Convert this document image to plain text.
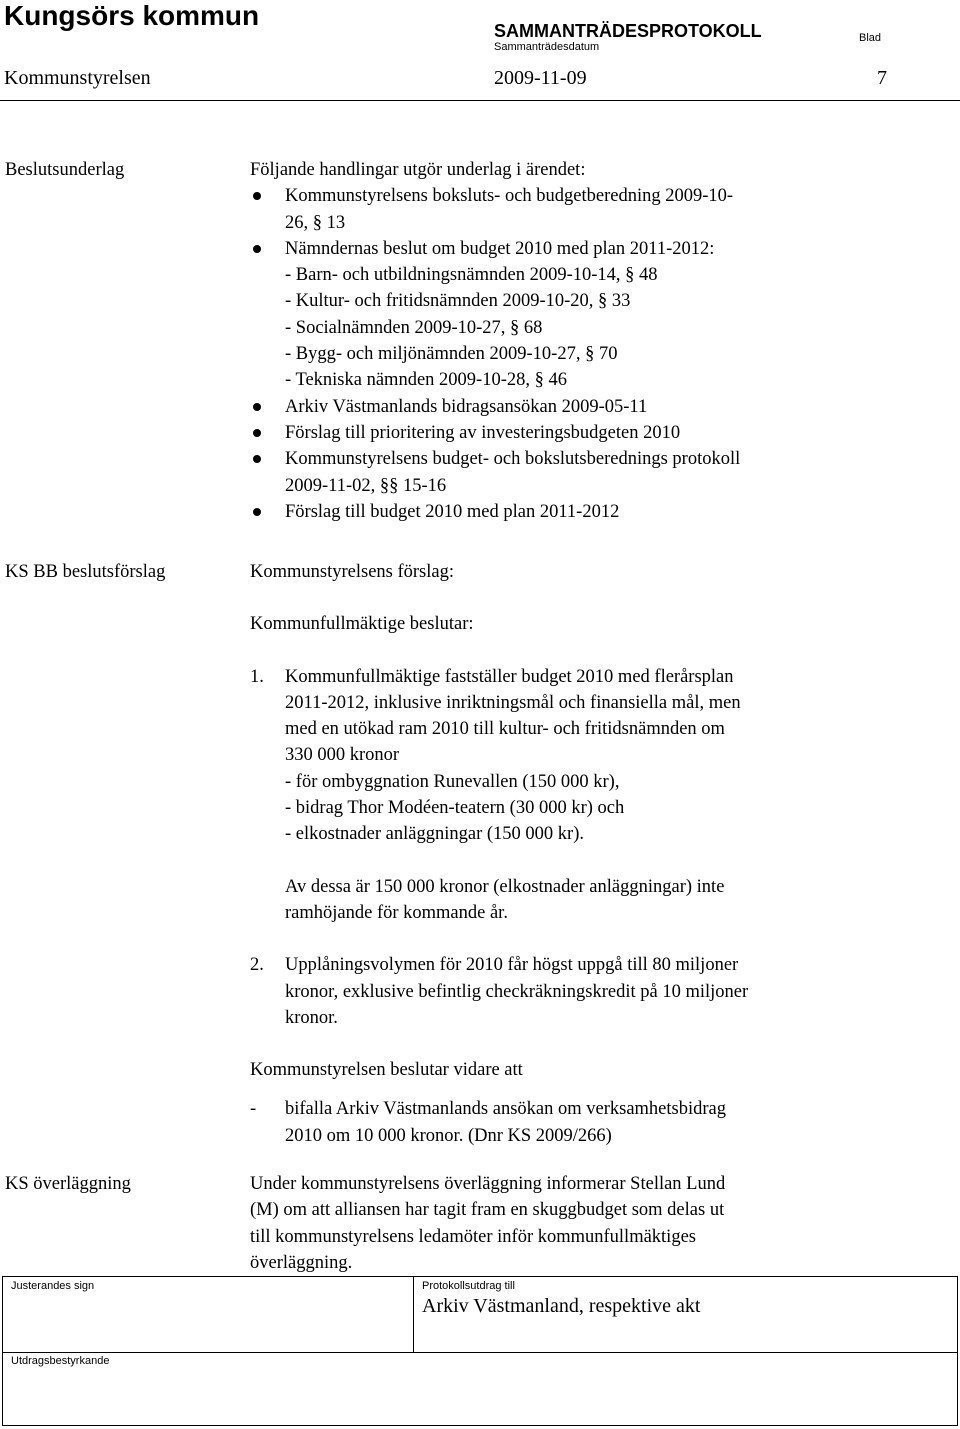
Kungsörs kommun	SAMMANTRÄDESPROTOKOLL
Sammanträdesdatum
Blad
Kommunstyrelsen	2009-11-09	7
Beslutsunderlag	Följande handlingar utgör underlag i ärendet:
Kommunstyrelsens boksluts- och budgetberedning 2009-10-
26, § 13
Nämndernas beslut om budget 2010 med plan 2011-2012:
- Barn- och utbildningsnämnden 2009-10-14, § 48
- Kultur- och fritidsnämnden 2009-10-20, § 33
- Socialnämnden 2009-10-27, § 68
- Bygg- och miljönämnden 2009-10-27, § 70
- Tekniska nämnden 2009-10-28, § 46
Arkiv Västmanlands bidragsansökan 2009-05-11
Förslag till prioritering av investeringsbudgeten 2010
Kommunstyrelsens budget- och bokslutsberednings protokoll
2009-11-02, §§ 15-16
Förslag till budget 2010 med plan 2011-2012
KS BB beslutsförslag	Kommunstyrelsens förslag:
Kommunfullmäktige beslutar:
1.	Kommunfullmäktige fastställer budget 2010 med flerårsplan
2011-2012, inklusive inriktningsmål och finansiella mål, men
med en utökad ram 2010 till kultur- och fritidsnämnden om
330 000 kronor
- för ombyggnation Runevallen (150 000 kr),
- bidrag Thor Modéen-teatern (30 000 kr) och
- elkostnader anläggningar (150 000 kr).
Av dessa är 150 000 kronor (elkostnader anläggningar) inte
ramhöjande för kommande år.
2.	Upplåningsvolymen för 2010 får högst uppgå till 80 miljoner
kronor, exklusive befintlig checkräkningskredit på 10 miljoner
kronor.
Kommunstyrelsen beslutar vidare att
-	bifalla Arkiv Västmanlands ansökan om verksamhetsbidrag
2010 om 10 000 kronor. (Dnr KS 2009/266)
KS överläggning	Under kommunstyrelsens överläggning informerar Stellan Lund
(M) om att alliansen har tagit fram en skuggbudget som delas ut
till kommunstyrelsens ledamöter inför kommunfullmäktiges
överläggning.
Justerandes sign	Protokollsutdrag till
Arkiv Västmanland, respektive akt
Utdragsbestyrkande
